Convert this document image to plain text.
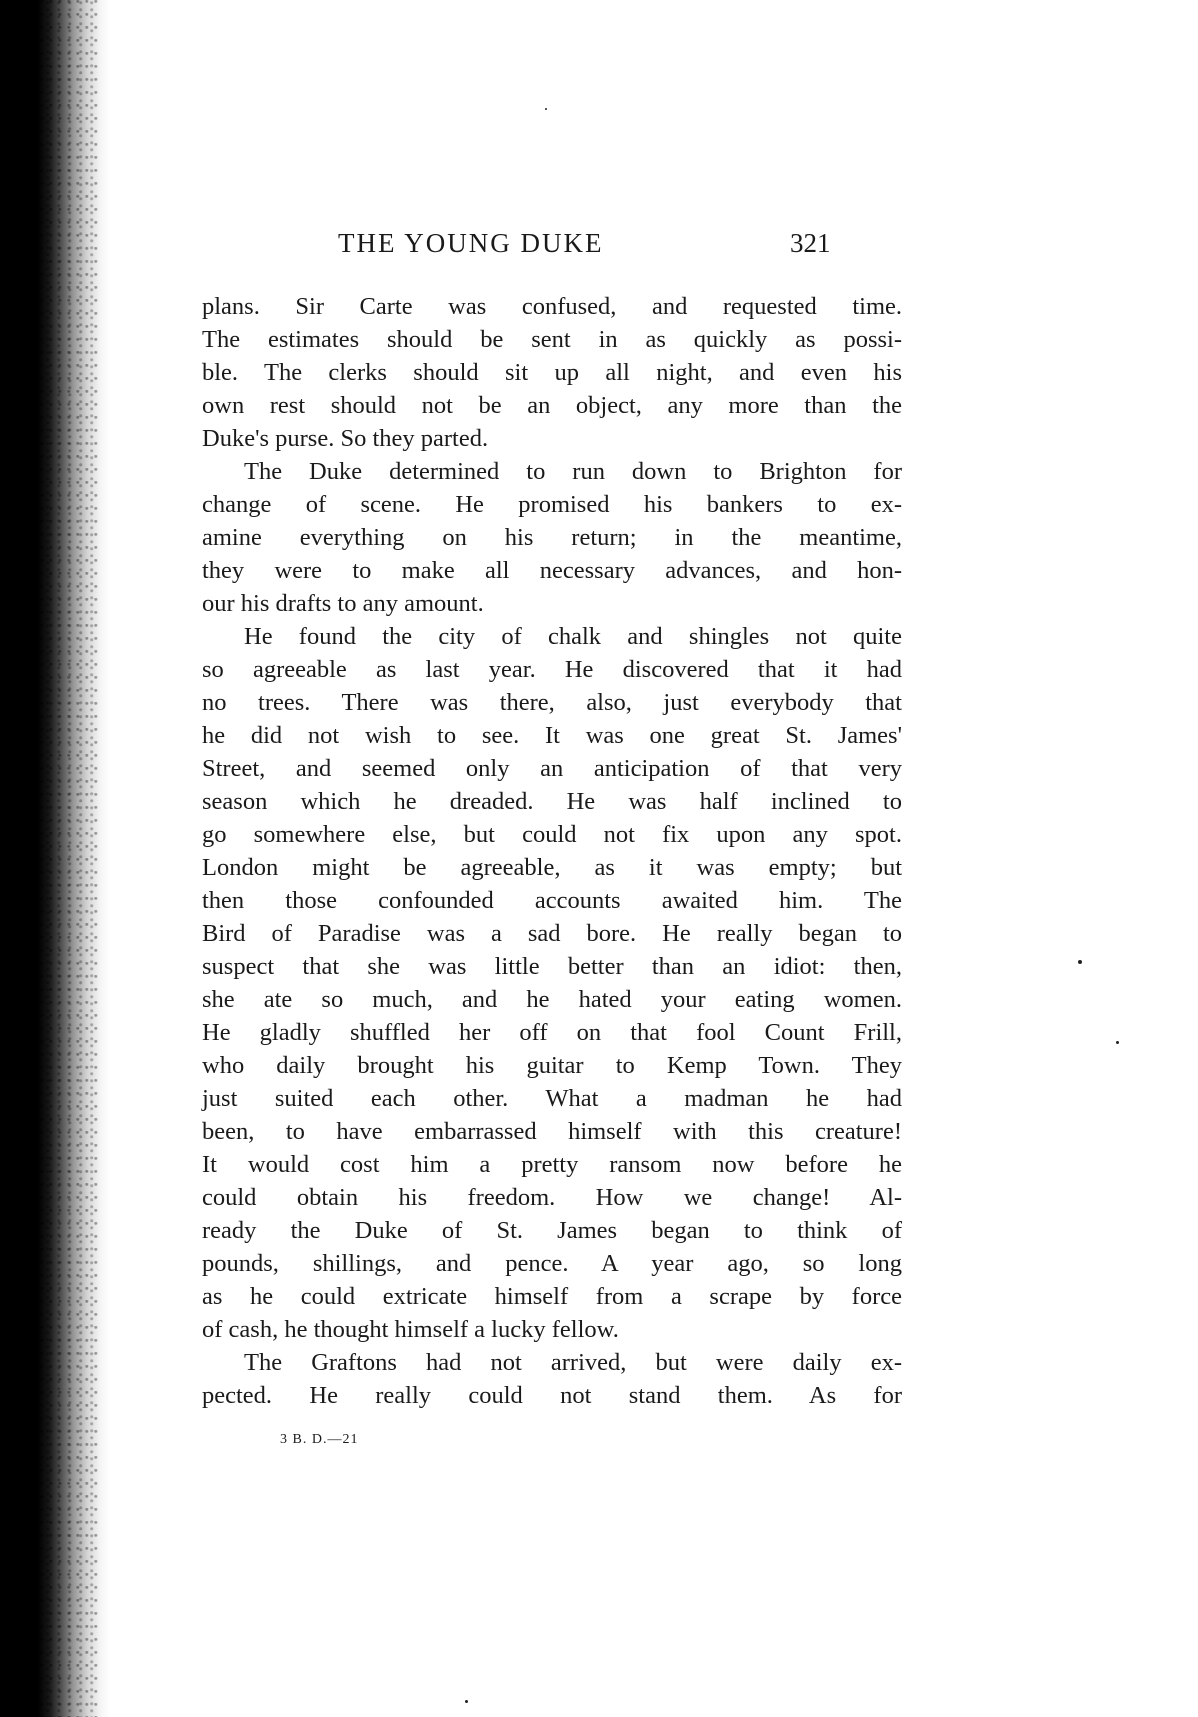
THE YOUNG DUKE	321
plans. Sir Carte was confused, and requested time.
The estimates should be sent in as quickly as possi-
ble. The clerks should sit up all night, and even his
own rest should not be an object, any more than the
Duke's purse. So they parted.
The Duke determined to run down to Brighton for
change of scene. He promised his bankers to ex-
amine everything on his return; in the meantime,
they were to make all necessary advances, and hon-
our his drafts to any amount.
He found the city of chalk and shingles not quite
so agreeable as last year. He discovered that it had
no trees. There was there, also, just everybody that
he did not wish to see. It was one great St. James'
Street, and seemed only an anticipation of that very
season which he dreaded. He was half inclined to
go somewhere else, but could not fix upon any spot.
London might be agreeable, as it was empty; but
then those confounded accounts awaited him. The
Bird of Paradise was a sad bore. He really began to
suspect that she was little better than an idiot: then,
she ate so much, and he hated your eating women.
He gladly shuffled her off on that fool Count Frill,
who daily brought his guitar to Kemp Town. They
just suited each other. What a madman he had
been, to have embarrassed himself with this creature!
It would cost him a pretty ransom now before he
could obtain his freedom. How we change! Al-
ready the Duke of St. James began to think of
pounds, shillings, and pence. A year ago, so long
as he could extricate himself from a scrape by force
of cash, he thought himself a lucky fellow.
The Graftons had not arrived, but were daily ex-
pected. He really could not stand them. As for
3 B. D.—21
